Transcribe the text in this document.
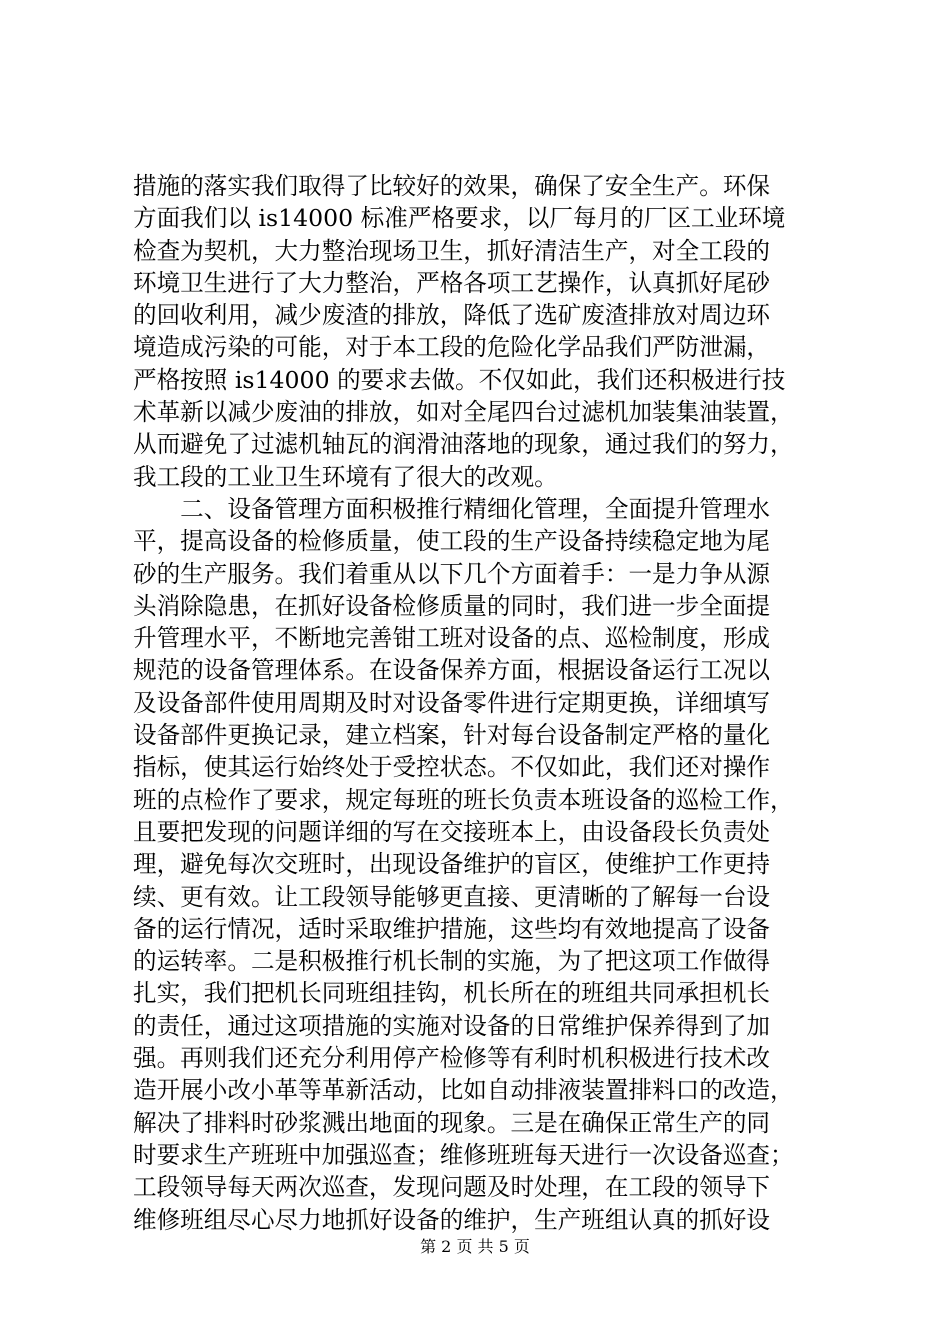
措施的落实我们取得了比较好的效果，确保了安全生产。环保
方面我们以 is14000 标准严格要求，以厂每月的厂区工业环境
检查为契机，大力整治现场卫生，抓好清洁生产，对全工段的
环境卫生进行了大力整治，严格各项工艺操作，认真抓好尾砂
的回收利用，减少废渣的排放，降低了选矿废渣排放对周边环
境造成污染的可能，对于本工段的危险化学品我们严防泄漏，
严格按照 is14000 的要求去做。不仅如此，我们还积极进行技
术革新以减少废油的排放，如对全尾四台过滤机加装集油装置，
从而避免了过滤机轴瓦的润滑油落地的现象，通过我们的努力，
我工段的工业卫生环境有了很大的改观。
　　二、设备管理方面积极推行精细化管理，全面提升管理水
平，提高设备的检修质量，使工段的生产设备持续稳定地为尾
砂的生产服务。我们着重从以下几个方面着手：一是力争从源
头消除隐患，在抓好设备检修质量的同时，我们进一步全面提
升管理水平，不断地完善钳工班对设备的点、巡检制度，形成
规范的设备管理体系。在设备保养方面，根据设备运行工况以
及设备部件使用周期及时对设备零件进行定期更换，详细填写
设备部件更换记录，建立档案，针对每台设备制定严格的量化
指标，使其运行始终处于受控状态。不仅如此，我们还对操作
班的点检作了要求，规定每班的班长负责本班设备的巡检工作，
且要把发现的问题详细的写在交接班本上，由设备段长负责处
理，避免每次交班时，出现设备维护的盲区，使维护工作更持
续、更有效。让工段领导能够更直接、更清晰的了解每一台设
备的运行情况，适时采取维护措施，这些均有效地提高了设备
的运转率。二是积极推行机长制的实施，为了把这项工作做得
扎实，我们把机长同班组挂钩，机长所在的班组共同承担机长
的责任，通过这项措施的实施对设备的日常维护保养得到了加
强。再则我们还充分利用停产检修等有利时机积极进行技术改
造开展小改小革等革新活动，比如自动排液装置排料口的改造，
解决了排料时砂浆溅出地面的现象。三是在确保正常生产的同
时要求生产班班中加强巡查；维修班班每天进行一次设备巡查；
工段领导每天两次巡查，发现问题及时处理，在工段的领导下
维修班组尽心尽力地抓好设备的维护，生产班组认真的抓好设
第 2 页 共 5 页
